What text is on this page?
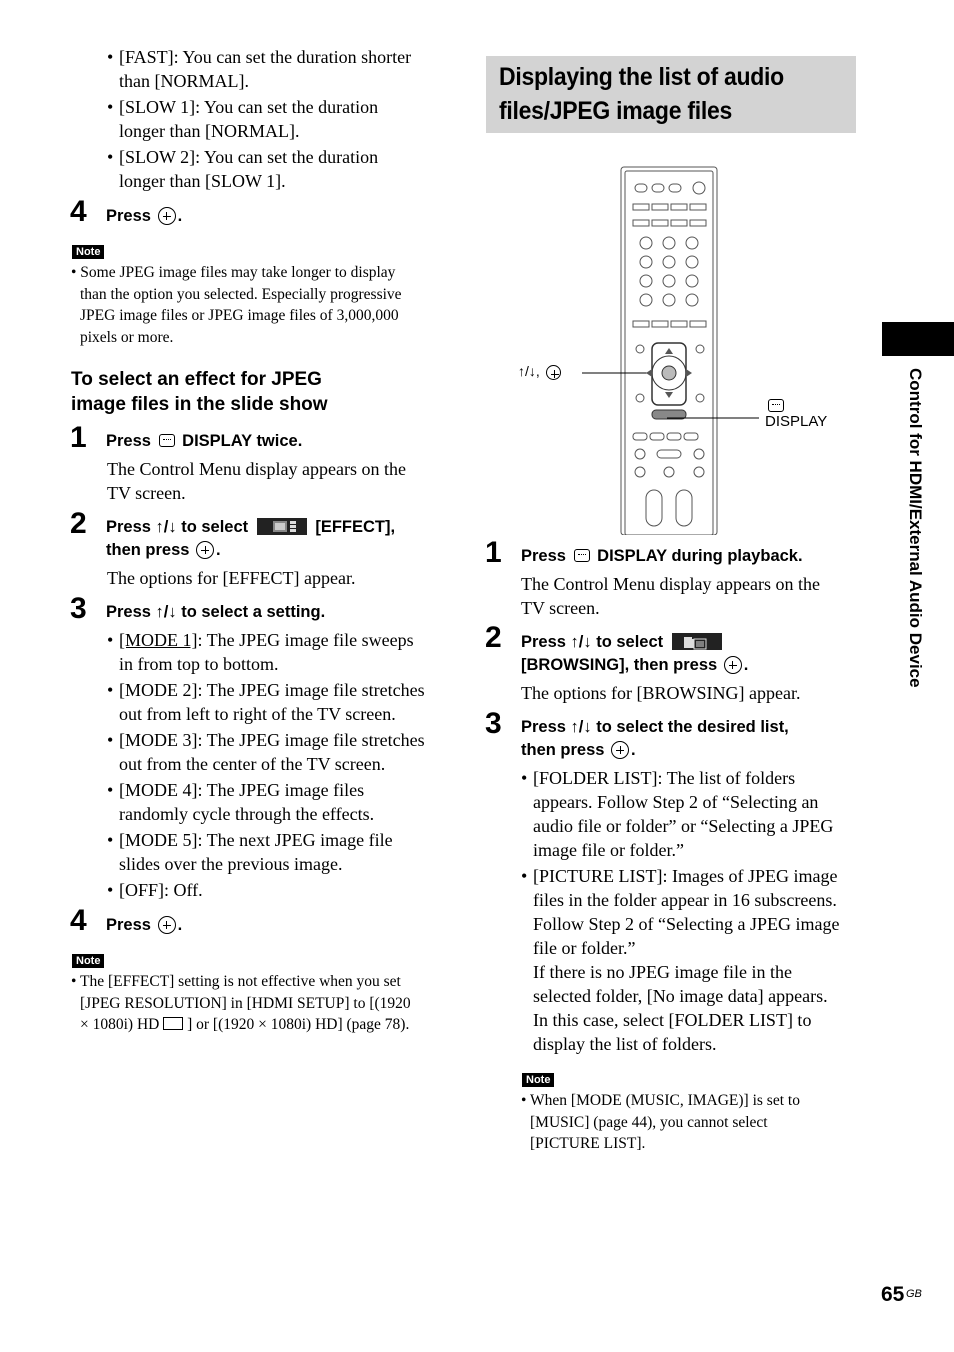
• [FAST]: You can set the duration shorter
than [NORMAL].
• [SLOW 1]: You can set the duration
longer than [NORMAL].
• [SLOW 2]: You can set the duration
longer than [SLOW 1].
4 Press .
Note
• Some JPEG image files may take longer to display
than the option you selected. Especially progressive
JPEG image files or JPEG image files of 3,000,000
pixels or more.
To select an effect for JPEG
image files in the slide show
1 Press DISPLAY twice.
The Control Menu display appears on the
TV screen.
2 Press ↑/↓ to select	[EFFECT],
then press .
The options for [EFFECT] appear.
3 Press ↑/↓ to select a setting.
• [MODE 1]: The JPEG image file sweeps
in from top to bottom.
• [MODE 2]: The JPEG image file stretches
out from left to right of the TV screen.
• [MODE 3]: The JPEG image file stretches
out from the center of the TV screen.
• [MODE 4]: The JPEG image files
randomly cycle through the effects.
• [MODE 5]: The next JPEG image file
slides over the previous image.
• [OFF]: Off.
4 Press .
Note
• The [EFFECT] setting is not effective when you set
[JPEG RESOLUTION] in [HDMI SETUP] to [(1920
× 1080i) HD ] or [(1920 × 1080i) HD] (page 78).
Displaying the list of audio
files/JPEG image files
↑/↓,
DISPLAY
1 Press DISPLAY during playback.
The Control Menu display appears on the
TV screen.
2 Press ↑/↓ to select
[BROWSING], then press .
The options for [BROWSING] appear.
3 Press ↑/↓ to select the desired list,
then press .
• [FOLDER LIST]: The list of folders
appears. Follow Step 2 of “Selecting an
audio file or folder” or “Selecting a JPEG
image file or folder.”
• [PICTURE LIST]: Images of JPEG image
files in the folder appear in 16 subscreens.
Follow Step 2 of “Selecting a JPEG image
file or folder.”
If there is no JPEG image file in the
selected folder, [No image data] appears.
In this case, select [FOLDER LIST] to
display the list of folders.
Note
• When [MODE (MUSIC, IMAGE)] is set to
[MUSIC] (page 44), you cannot select
[PICTURE LIST].
Control for HDMI/External Audio Device
65 GB
